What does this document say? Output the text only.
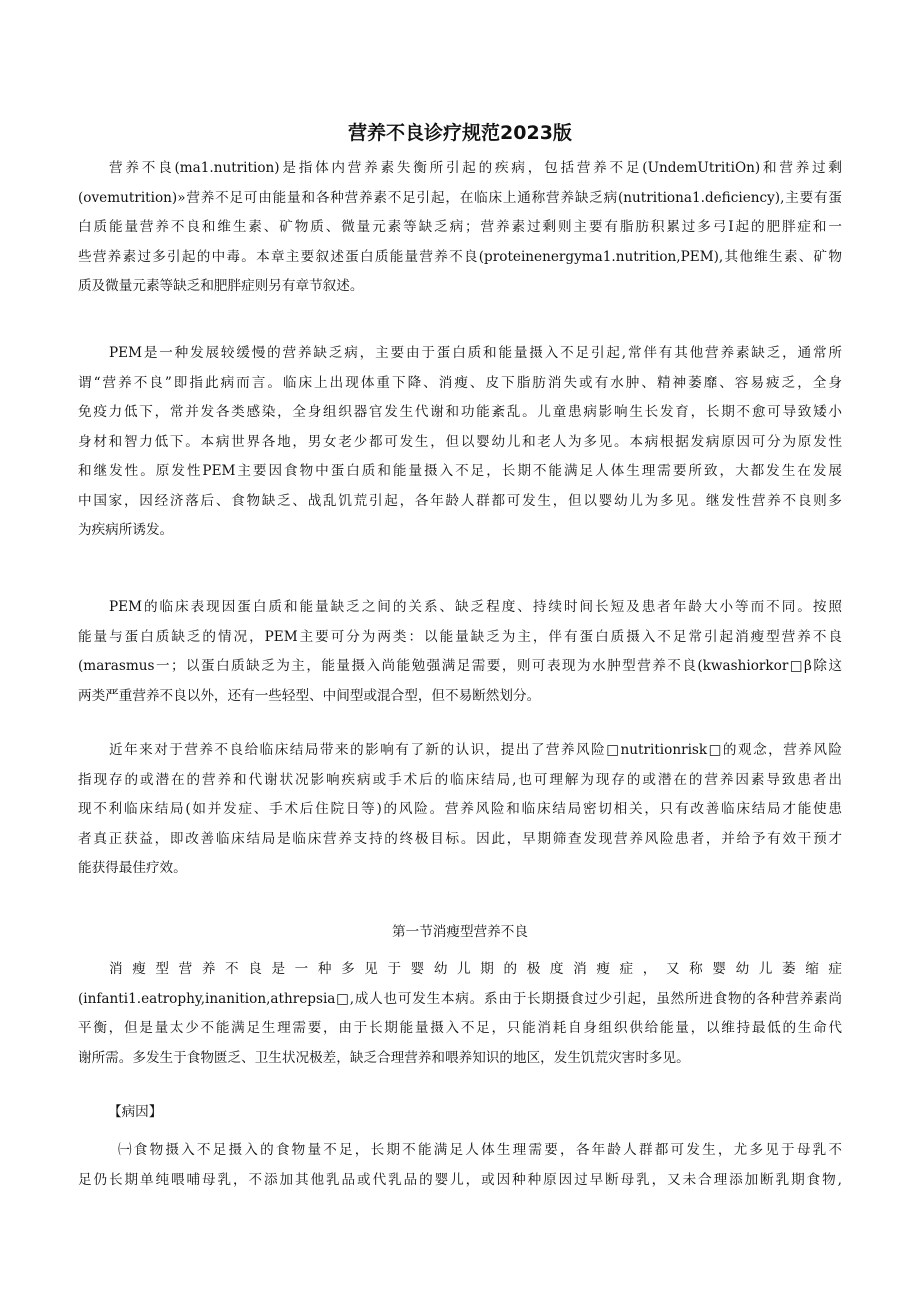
营养不良诊疗规范2023版
营养不良(ma1.nutrition)是指体内营养素失衡所引起的疾病，包括营养不足(UndemUtritiOn)和营养过剩
(ovemutrition)»营养不足可由能量和各种营养素不足引起，在临床上通称营养缺乏病(nutritiona1.deficiency),主要有蛋
白质能量营养不良和维生素、矿物质、微量元素等缺乏病；营养素过剩则主要有脂肪积累过多弓I起的肥胖症和一
些营养素过多引起的中毒。本章主要叙述蛋白质能量营养不良(proteinenergyma1.nutrition,PEM),其他维生素、矿物
质及微量元素等缺乏和肥胖症则另有章节叙述。
PEM是一种发展较缓慢的营养缺乏病，主要由于蛋白质和能量摄入不足引起,常伴有其他营养素缺乏，通常所
谓“营养不良”即指此病而言。临床上出现体重下降、消瘦、皮下脂肪消失或有水肿、精神萎靡、容易疲乏，全身
免疫力低下，常并发各类感染，全身组织器官发生代谢和功能紊乱。儿童患病影响生长发育，长期不愈可导致矮小
身材和智力低下。本病世界各地，男女老少都可发生，但以婴幼儿和老人为多见。本病根据发病原因可分为原发性
和继发性。原发性PEM主要因食物中蛋白质和能量摄入不足，长期不能满足人体生理需要所致，大都发生在发展
中国家，因经济落后、食物缺乏、战乱饥荒引起，各年龄人群都可发生，但以婴幼儿为多见。继发性营养不良则多
为疾病所诱发。
PEM的临床表现因蛋白质和能量缺乏之间的关系、缺乏程度、持续时间长短及患者年龄大小等而不同。按照
能量与蛋白质缺乏的情况，PEM主要可分为两类：以能量缺乏为主，伴有蛋白质摄入不足常引起消瘦型营养不良
(marasmus一；以蛋白质缺乏为主，能量摄入尚能勉强满足需要，则可表现为水肿型营养不良(kwashiorkor□β除这
两类严重营养不良以外，还有一些轻型、中间型或混合型，但不易断然划分。
近年来对于营养不良给临床结局带来的影响有了新的认识，提出了营养风险□nutritionrisk□的观念，营养风险
指现存的或潜在的营养和代谢状况影响疾病或手术后的临床结局,也可理解为现存的或潜在的营养因素导致患者出
现不利临床结局(如并发症、手术后住院日等)的风险。营养风险和临床结局密切相关，只有改善临床结局才能使患
者真正获益，即改善临床结局是临床营养支持的终极目标。因此，早期筛查发现营养风险患者，并给予有效干预才
能获得最佳疗效。
第一节消瘦型营养不良
消瘦型营养不良是一种多见于婴幼儿期的极度消瘦症，又称婴幼儿萎缩症
(infanti1.eatrophy,inanition,athrepsia□,成人也可发生本病。系由于长期摄食过少引起，虽然所进食物的各种营养素尚
平衡，但是量太少不能满足生理需要，由于长期能量摄入不足，只能消耗自身组织供给能量，以维持最低的生命代
谢所需。多发生于食物匮乏、卫生状况极差，缺乏合理营养和喂养知识的地区，发生饥荒灾害时多见。
【病因】
㈠食物摄入不足摄入的食物量不足，长期不能满足人体生理需要，各年龄人群都可发生，尤多见于母乳不
足仍长期单纯喂哺母乳，不添加其他乳品或代乳品的婴儿，或因种种原因过早断母乳，又未合理添加断乳期食物,
